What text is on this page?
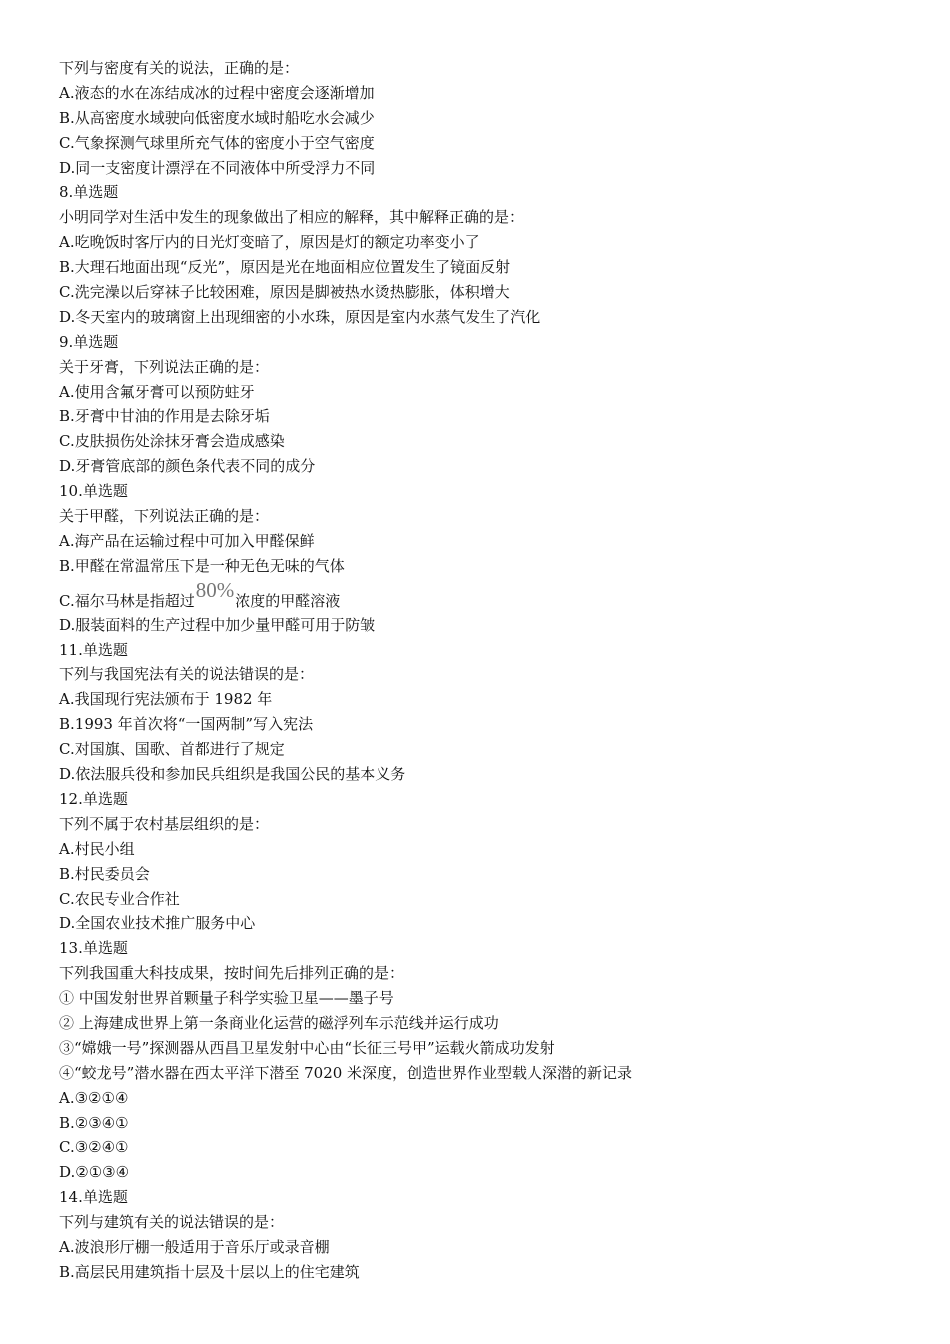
下列与密度有关的说法，正确的是：
A.液态的水在冻结成冰的过程中密度会逐渐增加
B.从高密度水域驶向低密度水域时船吃水会减少
C.气象探测气球里所充气体的密度小于空气密度
D.同一支密度计漂浮在不同液体中所受浮力不同
8.单选题
小明同学对生活中发生的现象做出了相应的解释，其中解释正确的是：
A.吃晚饭时客厅内的日光灯变暗了，原因是灯的额定功率变小了
B.大理石地面出现“反光”，原因是光在地面相应位置发生了镜面反射
C.洗完澡以后穿袜子比较困难，原因是脚被热水烫热膨胀，体积增大
D.冬天室内的玻璃窗上出现细密的小水珠，原因是室内水蒸气发生了汽化
9.单选题
关于牙膏，下列说法正确的是：
A.使用含氟牙膏可以预防蛀牙
B.牙膏中甘油的作用是去除牙垢
C.皮肤损伤处涂抹牙膏会造成感染
D.牙膏管底部的颜色条代表不同的成分
10.单选题
关于甲醛，下列说法正确的是：
A.海产品在运输过程中可加入甲醛保鲜
B.甲醛在常温常压下是一种无色无味的气体
C.福尔马林是指超过80%浓度的甲醛溶液
D.服装面料的生产过程中加少量甲醛可用于防皱
11.单选题
下列与我国宪法有关的说法错误的是：
A.我国现行宪法颁布于 1982 年
B.1993 年首次将“一国两制”写入宪法
C.对国旗、国歌、首都进行了规定
D.依法服兵役和参加民兵组织是我国公民的基本义务
12.单选题
下列不属于农村基层组织的是：
A.村民小组
B.村民委员会
C.农民专业合作社
D.全国农业技术推广服务中心
13.单选题
下列我国重大科技成果，按时间先后排列正确的是：
① 中国发射世界首颗量子科学实验卫星——墨子号
② 上海建成世界上第一条商业化运营的磁浮列车示范线并运行成功
③“嫦娥一号”探测器从西昌卫星发射中心由“长征三号甲”运载火箭成功发射
④“蛟龙号”潜水器在西太平洋下潜至 7020 米深度，创造世界作业型载人深潜的新记录
A.③②①④
B.②③④①
C.③②④①
D.②①③④
14.单选题
下列与建筑有关的说法错误的是：
A.波浪形厅棚一般适用于音乐厅或录音棚
B.高层民用建筑指十层及十层以上的住宅建筑
